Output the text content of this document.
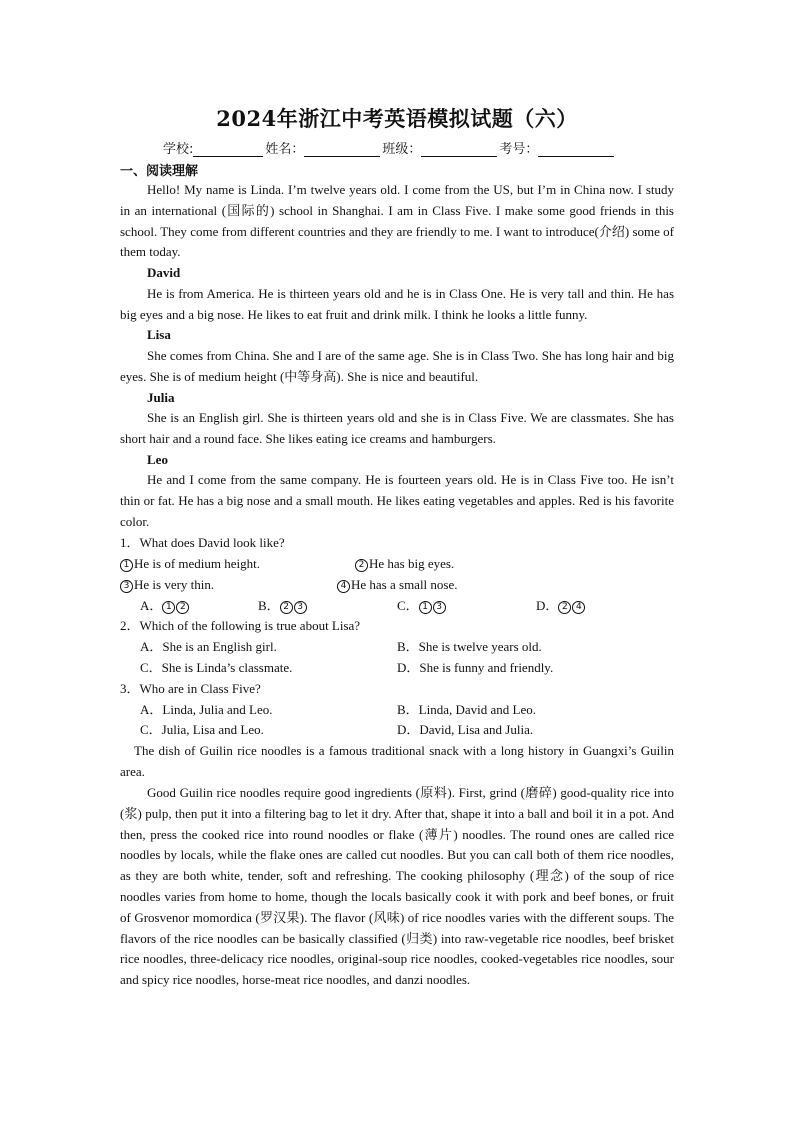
2024年浙江中考英语模拟试题（六）
学校:	姓名：	班级：	考号：
一、阅读理解

Hello! My name is Linda. I’m twelve years old. I come from the US, but I’m in China now. I study in an international (国际的) school in Shanghai. I am in Class Five. I make some good friends in this school. They come from different countries and they are friendly to me. I want to introduce(介绍) some of them today.

David

He is from America. He is thirteen years old and he is in Class One. He is very tall and thin. He has big eyes and a big nose. He likes to eat fruit and drink milk. I think he looks a little funny.

Lisa

She comes from China. She and I are of the same age. She is in Class Two. She has long hair and big eyes. She is of medium height (中等身高). She is nice and beautiful.

Julia

She is an English girl. She is thirteen years old and she is in Class Five. We are classmates. She has short hair and a round face. She likes eating ice creams and hamburgers.

Leo

He and I come from the same company. He is fourteen years old. He is in Class Five too. He isn’t thin or fat. He has a big nose and a small mouth. He likes eating vegetables and apples. Red is his favorite color.

1．What does David look like?
1 He is of medium height.	2 He has big eyes.
3 He is very thin.	4 He has a small nose.
A． 1 2	B． 2 3	C． 1 3	D． 2 4
2．Which of the following is true about Lisa?
A．She is an English girl.	B．She is twelve years old.
C．She is Linda’s classmate.	D．She is funny and friendly.
3．Who are in Class Five?
A．Linda, Julia and Leo.	B．Linda, David and Leo.
C．Julia, Lisa and Leo.	D．David, Lisa and Julia.

The dish of Guilin rice noodles is a famous traditional snack with a long history in Guangxi’s Guilin area.

Good Guilin rice noodles require good ingredients (原料). First, grind (磨碎) good-quality rice into (浆) pulp, then put it into a filtering bag to let it dry. After that, shape it into a ball and boil it in a pot. And then, press the cooked rice into round noodles or flake (薄片) noodles. The round ones are called rice noodles by locals, while the flake ones are called cut noodles. But you can call both of them rice noodles, as they are both white, tender, soft and refreshing. The cooking philosophy (理念) of the soup of rice noodles varies from home to home, though the locals basically cook it with pork and beef bones, or fruit of Grosvenor momordica (罗汉果). The flavor (风味) of rice noodles varies with the different soups. The flavors of the rice noodles can be basically classified (归类) into raw-vegetable rice noodles, beef brisket rice noodles, three-delicacy rice noodles, original-soup rice noodles, cooked-vegetables rice noodles, sour and spicy rice noodles, horse-meat rice noodles, and danzi noodles.
